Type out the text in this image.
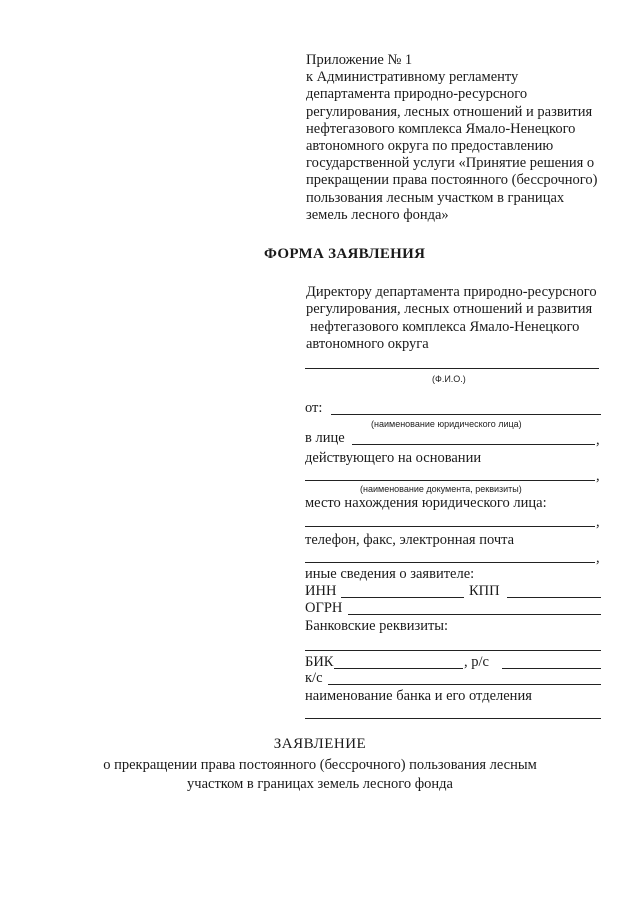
Приложение № 1
к Административному регламенту
департамента природно-ресурсного
регулирования, лесных отношений и развития
нефтегазового комплекса Ямало-Ненецкого
автономного округа по предоставлению
государственной услуги «Принятие решения о
прекращении права постоянного (бессрочного)
пользования лесным участком в границах
земель лесного фонда»
ФОРМА ЗАЯВЛЕНИЯ
Директору департамента природно-ресурсного
регулирования, лесных отношений и развития
нефтегазового комплекса Ямало-Ненецкого
автономного округа
(Ф.И.О.)
от:
(наименование юридического лица)
в лице	,
действующего на основании
,
(наименование документа, реквизиты)
место нахождения юридического лица:
,
телефон, факс, электронная почта
,
иные сведения о заявителе:
ИНН	КПП
ОГРН
Банковские реквизиты:
БИК	, р/с
к/с
наименование банка и его отделения
ЗАЯВЛЕНИЕ
о прекращении права постоянного (бессрочного) пользования лесным
участком в границах земель лесного фонда
